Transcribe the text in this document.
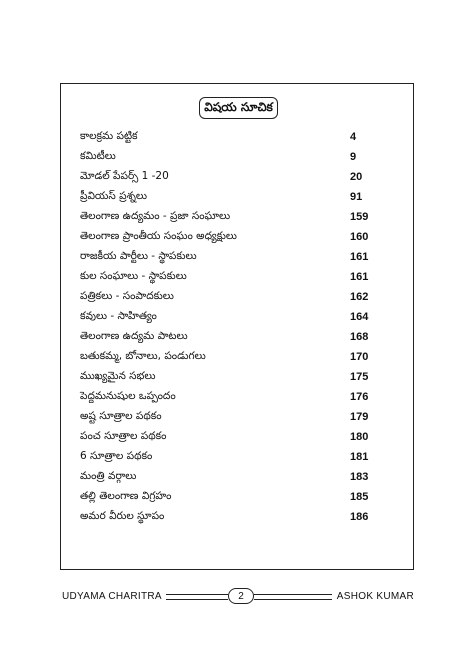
విషయ సూచిక
కాలక్రమ పట్టిక	4
కమిటీలు	9
మోడల్ పేపర్స్ 1 -20	20
ప్రీవియస్ ప్రశ్నలు	91
తెలంగాణ ఉద్యమం - ప్రజా సంఘాలు	159
తెలంగాణ ప్రాంతీయ సంఘం అధ్యక్షులు	160
రాజకీయ పార్టీలు - స్థాపకులు	161
కుల సంఘాలు - స్థాపకులు	161
పత్రికలు - సంపాదకులు	162
కవులు - సాహిత్యం	164
తెలంగాణ ఉద్యమ పాటలు	168
బతుకమ్మ, బోనాలు, పండుగలు	170
ముఖ్యమైన సభలు	175
పెద్దమనుషుల ఒప్పందం	176
అష్ట సూత్రాల పథకం	179
పంచ సూత్రాల పథకం	180
6 సూత్రాల పథకం	181
మంత్రి వర్గాలు	183
తల్లి తెలంగాణ విగ్రహం	185
అమర వీరుల స్థూపం	186
UDYAMA CHARITRA	2	ASHOK KUMAR
